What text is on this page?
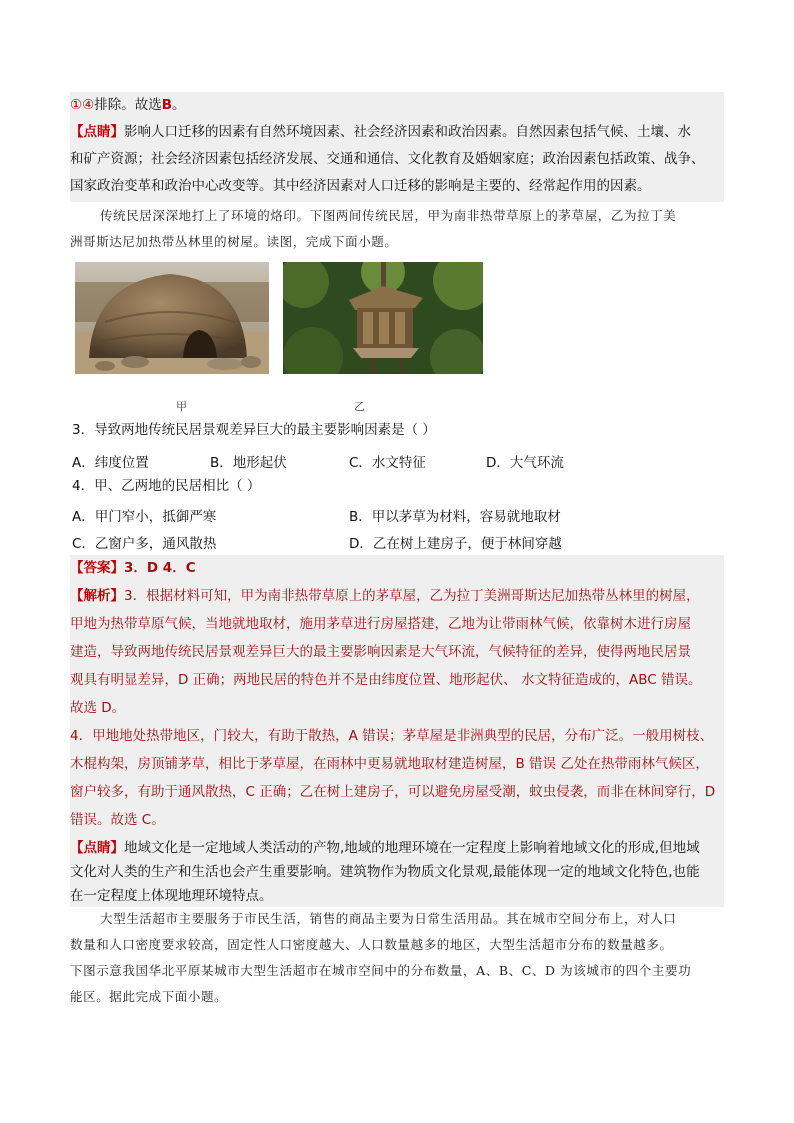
①④排除。故选B。
【点睛】影响人口迁移的因素有自然环境因素、社会经济因素和政治因素。自然因素包括气候、土壤、水
和矿产资源；社会经济因素包括经济发展、交通和通信、文化教育及婚姻家庭；政治因素包括政策、战争、
国家政治变革和政治中心改变等。其中经济因素对人口迁移的影响是主要的、经常起作用的因素。
传统民居深深地打上了环境的烙印。下图两间传统民居，甲为南非热带草原上的茅草屋，乙为拉丁美
洲哥斯达尼加热带丛林里的树屋。读图，完成下面小题。
甲	乙
3．导致两地传统民居景观差异巨大的最主要影响因素是（ ）
A．纬度位置	B．地形起伏	C．水文特征	D．大气环流
4．甲、乙两地的民居相比（ ）
A．甲门窄小，抵御严寒	B．甲以茅草为材料，容易就地取材
C．乙窗户多，通风散热	D．乙在树上建房子，便于林间穿越
【答案】3．D 4．C
【解析】3．根据材料可知，甲为南非热带草原上的茅草屋，乙为拉丁美洲哥斯达尼加热带丛林里的树屋，
甲地为热带草原气候，当地就地取材，施用茅草进行房屋搭建，乙地为让带雨林气候，依靠树木进行房屋
建造，导致两地传统民居景观差异巨大的最主要影响因素是大气环流，气候特征的差异，使得两地民居景
观具有明显差异，D 正确；两地民居的特色并不是由纬度位置、地形起伏、 水文特征造成的，ABC 错误。
故选 D。
4．甲地地处热带地区，门较大，有助于散热，A 错误；茅草屋是非洲典型的民居，分布广泛。一般用树枝、
木棍构架，房顶铺茅草，相比于茅草屋，在雨林中更易就地取材建造树屋，B 错误 乙处在热带雨林气候区，
窗户较多，有助于通风散热，C 正确；乙在树上建房子，可以避免房屋受潮，蚊虫侵袭，而非在林间穿行，D
错误。故选 C。
【点睛】地域文化是一定地域人类活动的产物,地域的地理环境在一定程度上影响着地域文化的形成,但地域
文化对人类的生产和生活也会产生重要影响。建筑物作为物质文化景观,最能体现一定的地域文化特色,也能
在一定程度上体现地理环境特点。
大型生活超市主要服务于市民生活，销售的商品主要为日常生活用品。其在城市空间分布上，对人口
数量和人口密度要求较高，固定性人口密度越大、人口数量越多的地区，大型生活超市分布的数量越多。
下图示意我国华北平原某城市大型生活超市在城市空间中的分布数量，A、B、C、D 为该城市的四个主要功
能区。据此完成下面小题。
